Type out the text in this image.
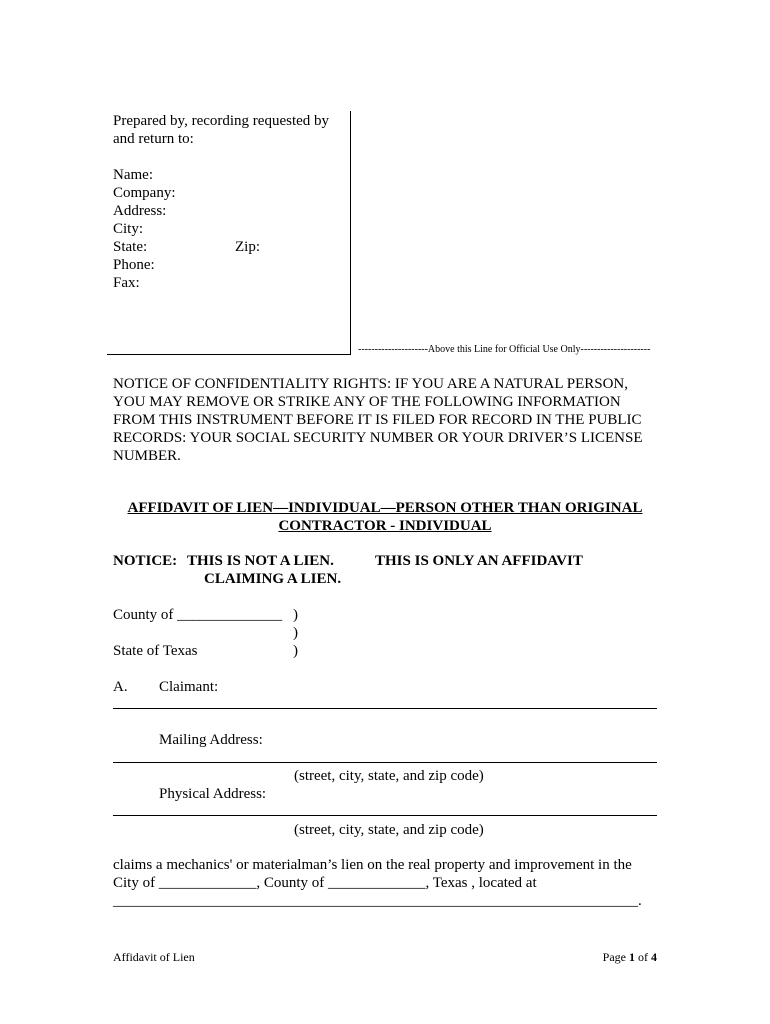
Prepared by, recording requested by
and return to:
Name:
Company:
Address:
City:
State:	Zip:
Phone:
Fax:
---------------------Above this Line for Official Use Only---------------------
NOTICE OF CONFIDENTIALITY RIGHTS: IF YOU ARE A NATURAL PERSON,
YOU MAY REMOVE OR STRIKE ANY OF THE FOLLOWING INFORMATION
FROM THIS INSTRUMENT BEFORE IT IS FILED FOR RECORD IN THE PUBLIC
RECORDS: YOUR SOCIAL SECURITY NUMBER OR YOUR DRIVER’S LICENSE
NUMBER.
AFFIDAVIT OF LIEN—INDIVIDUAL—PERSON OTHER THAN ORIGINAL
CONTRACTOR - INDIVIDUAL
NOTICE: THIS IS NOT A LIEN.	THIS IS ONLY AN AFFIDAVIT
CLAIMING A LIEN.
County of ______________ )
)
State of Texas	)
A. Claimant:
Mailing Address:
(street, city, state, and zip code)
Physical Address:
(street, city, state, and zip code)
claims a mechanics' or materialman’s lien on the real property and improvement in the
City of _____________, County of _____________, Texas , located at
______________________________________________________________________.
Affidavit of Lien	Page 1 of 4
